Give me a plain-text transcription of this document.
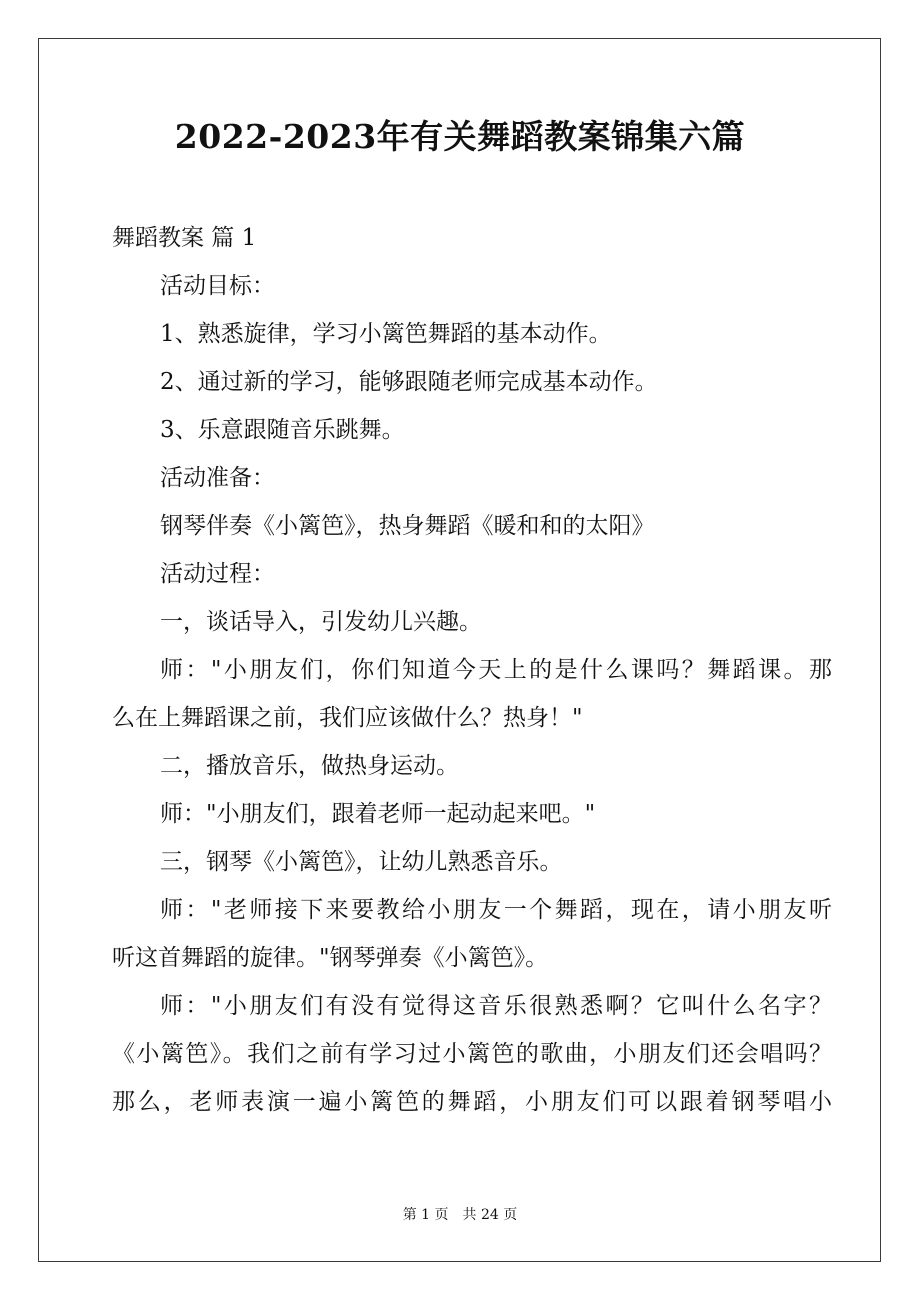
2022-2023年有关舞蹈教案锦集六篇
舞蹈教案 篇 1
活动目标：
1、熟悉旋律，学习小篱笆舞蹈的基本动作。
2、通过新的学习，能够跟随老师完成基本动作。
3、乐意跟随音乐跳舞。
活动准备：
钢琴伴奏《小篱笆》，热身舞蹈《暖和和的太阳》
活动过程：
一，谈话导入，引发幼儿兴趣。
师："小朋友们，你们知道今天上的是什么课吗？舞蹈课。那
么在上舞蹈课之前，我们应该做什么？热身！"
二，播放音乐，做热身运动。
师："小朋友们，跟着老师一起动起来吧。"
三，钢琴《小篱笆》，让幼儿熟悉音乐。
师："老师接下来要教给小朋友一个舞蹈，现在，请小朋友听
听这首舞蹈的旋律。"钢琴弹奏《小篱笆》。
师："小朋友们有没有觉得这音乐很熟悉啊？它叫什么名字？
《小篱笆》。我们之前有学习过小篱笆的歌曲，小朋友们还会唱吗？
那么，老师表演一遍小篱笆的舞蹈，小朋友们可以跟着钢琴唱小
第 1 页 共 24 页
